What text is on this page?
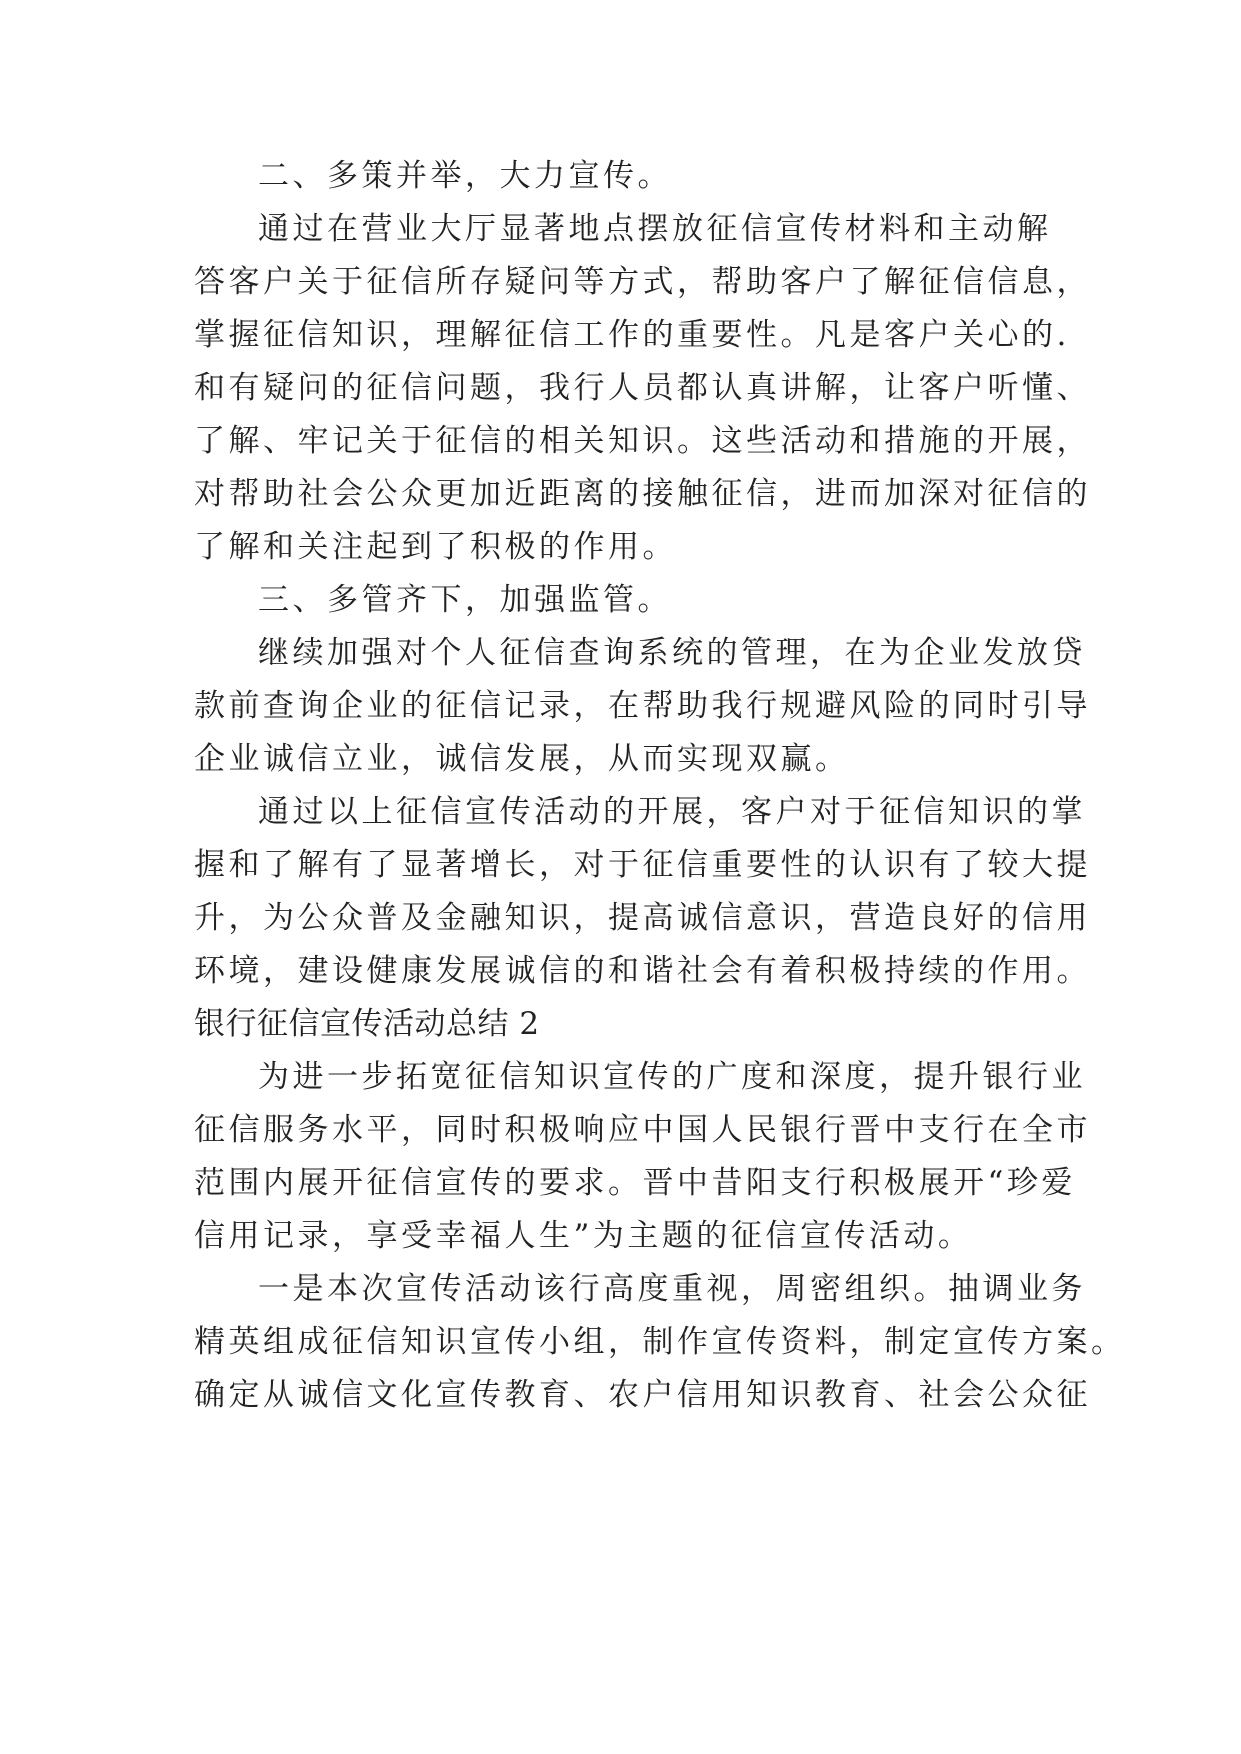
二、多策并举，大力宣传。
通过在营业大厅显著地点摆放征信宣传材料和主动解
答客户关于征信所存疑问等方式，帮助客户了解征信信息，
掌握征信知识，理解征信工作的重要性。凡是客户关心的.
和有疑问的征信问题，我行人员都认真讲解，让客户听懂、
了解、牢记关于征信的相关知识。这些活动和措施的开展，
对帮助社会公众更加近距离的接触征信，进而加深对征信的
了解和关注起到了积极的作用。
三、多管齐下，加强监管。
继续加强对个人征信查询系统的管理，在为企业发放贷
款前查询企业的征信记录，在帮助我行规避风险的同时引导
企业诚信立业，诚信发展，从而实现双赢。
通过以上征信宣传活动的开展，客户对于征信知识的掌
握和了解有了显著增长，对于征信重要性的认识有了较大提
升，为公众普及金融知识，提高诚信意识，营造良好的信用
环境，建设健康发展诚信的和谐社会有着积极持续的作用。
银行征信宣传活动总结 2
为进一步拓宽征信知识宣传的广度和深度，提升银行业
征信服务水平，同时积极响应中国人民银行晋中支行在全市
范围内展开征信宣传的要求。晋中昔阳支行积极展开“珍爱
信用记录，享受幸福人生”为主题的征信宣传活动。
一是本次宣传活动该行高度重视，周密组织。抽调业务
精英组成征信知识宣传小组，制作宣传资料，制定宣传方案。
确定从诚信文化宣传教育、农户信用知识教育、社会公众征
